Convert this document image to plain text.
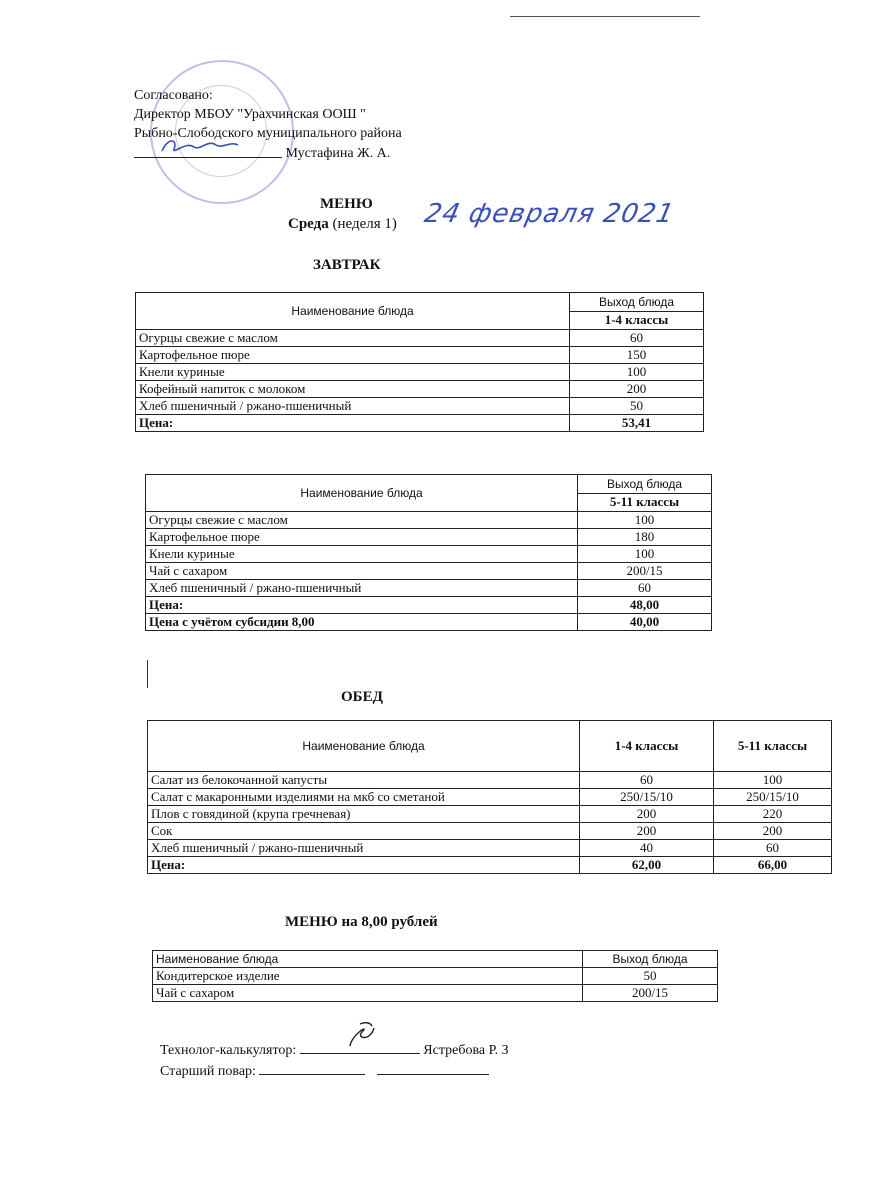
Согласовано:
Директор МБОУ "Урахчинская ООШ "
Рыбно-Слободского муниципального района
Мустафина Ж. А.
МЕНЮ
Среда (неделя 1) 24 февраля 2021
ЗАВТРАК
Наименование блюда	Выход блюда
	1-4 классы
Огурцы свежие с маслом	60
Картофельное пюре	150
Кнели куриные	100
Кофейный напиток с молоком	200
Хлеб пшеничный / ржано-пшеничный	50
Цена:	53,41
Наименование блюда	Выход блюда
	5-11 классы
Огурцы свежие с маслом	100
Картофельное пюре	180
Кнели куриные	100
Чай с сахаром	200/15
Хлеб пшеничный / ржано-пшеничный	60
Цена:	48,00
Цена с учётом субсидии 8,00	40,00
ОБЕД
Наименование блюда	1-4 классы	5-11 классы
Салат из белокочанной капусты	60	100
Салат с макаронными изделиями на мкб со сметаной	250/15/10	250/15/10
Плов с говядиной (крупа гречневая)	200	220
Сок	200	200
Хлеб пшеничный / ржано-пшеничный	40	60
Цена:	62,00	66,00
МЕНЮ на 8,00 рублей
Наименование блюда	Выход блюда
Кондитерское изделие	50
Чай с сахаром	200/15
Технолог-калькулятор:	Ястребова Р. З
Старший повар:
